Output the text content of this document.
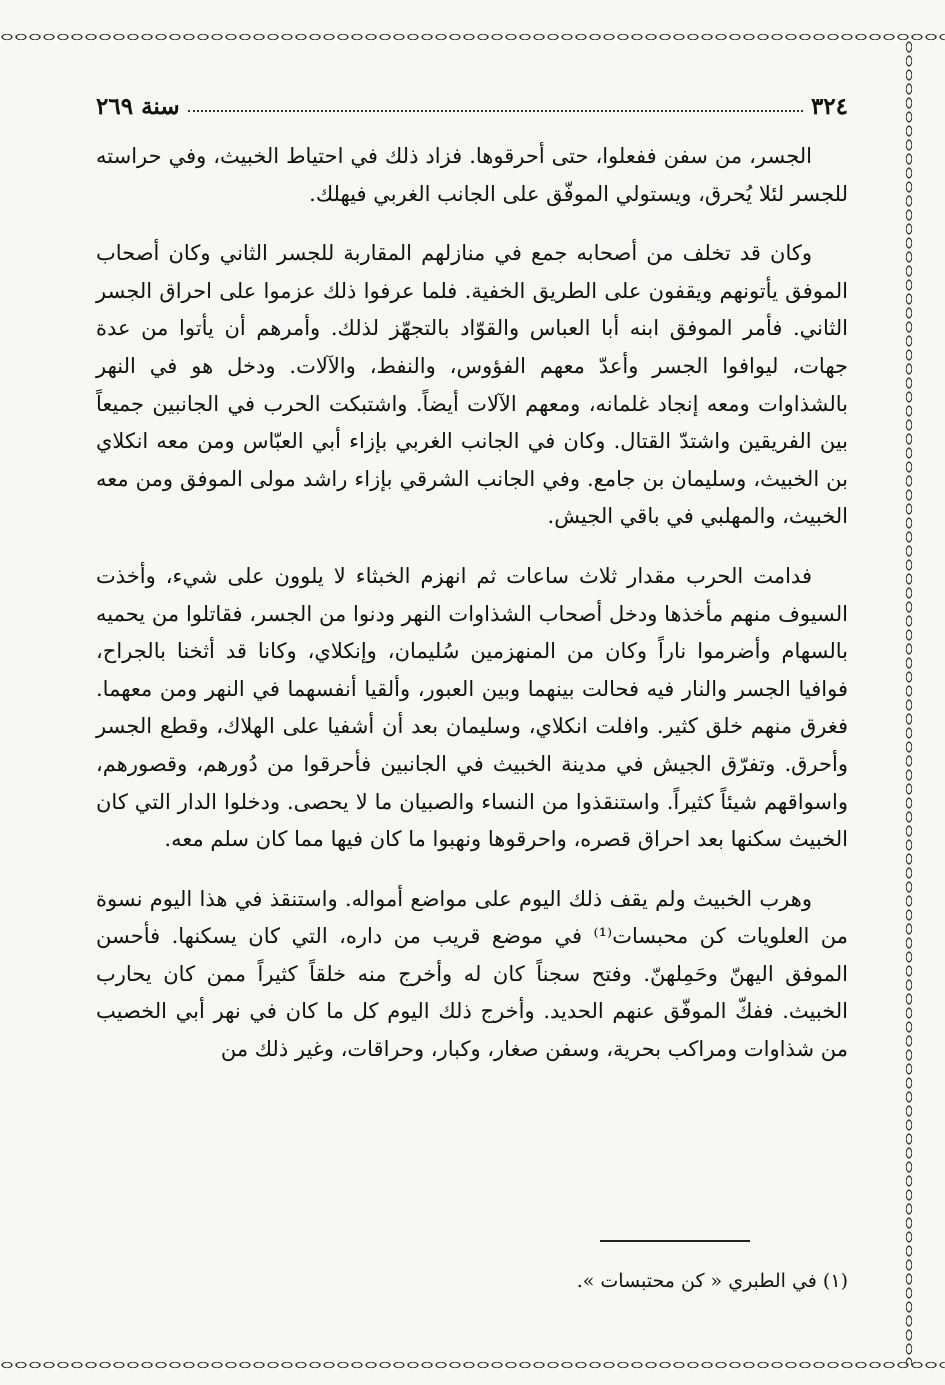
سنة ٢٦٩	٣٢٤

الجسر، من سفن ففعلوا، حتى أحرقوها. فزاد ذلك في احتياط الخبيث، وفي حراسته للجسر لئلا يُحرق، ويستولي الموفّق على الجانب الغربي فيهلك.

وكان قد تخلف من أصحابه جمع في منازلهم المقاربة للجسر الثاني وكان أصحاب الموفق يأتونهم ويقفون على الطريق الخفية. فلما عرفوا ذلك عزموا على احراق الجسر الثاني. فأمر الموفق ابنه أبا العباس والقوّاد بالتجهّز لذلك. وأمرهم أن يأتوا من عدة جهات، ليوافوا الجسر وأعدّ معهم الفؤوس، والنفط، والآلات. ودخل هو في النهر بالشذاوات ومعه إنجاد غلمانه، ومعهم الآلات أيضاً. واشتبكت الحرب في الجانبين جميعاً بين الفريقين واشتدّ القتال. وكان في الجانب الغربي بإزاء أبي العبّاس ومن معه انكلاي بن الخبيث، وسليمان بن جامع. وفي الجانب الشرقي بإزاء راشد مولى الموفق ومن معه الخبيث، والمهلبي في باقي الجيش.

فدامت الحرب مقدار ثلاث ساعات ثم انهزم الخبثاء لا يلوون على شيء، وأخذت السيوف منهم مأخذها ودخل أصحاب الشذاوات النهر ودنوا من الجسر، فقاتلوا من يحميه بالسهام وأضرموا ناراً وكان من المنهزمين سُليمان، وإنكلاي، وكانا قد أثخنا بالجراح، فوافيا الجسر والنار فيه فحالت بينهما وبين العبور، وألقيا أنفسهما في النهر ومن معهما. فغرق منهم خلق كثير. وافلت انكلاي، وسليمان بعد أن أشفيا على الهلاك، وقطع الجسر وأحرق. وتفرّق الجيش في مدينة الخبيث في الجانبين فأحرقوا من دُورهم، وقصورهم، واسواقهم شيئاً كثيراً. واستنقذوا من النساء والصبيان ما لا يحصى. ودخلوا الدار التي كان الخبيث سكنها بعد احراق قصره، واحرقوها ونهبوا ما كان فيها مما كان سلم معه.

وهرب الخبيث ولم يقف ذلك اليوم على مواضع أمواله. واستنقذ في هذا اليوم نسوة من العلويات كن محبسات⁽¹⁾ في موضع قريب من داره، التي كان يسكنها. فأحسن الموفق اليهنّ وحَمِلهنّ. وفتح سجناً كان له وأخرج منه خلقاً كثيراً ممن كان يحارب الخبيث. ففكّ الموفّق عنهم الحديد. وأخرج ذلك اليوم كل ما كان في نهر أبي الخصيب من شذاوات ومراكب بحرية، وسفن صغار، وكبار، وحراقات، وغير ذلك من

(١) في الطبري « كن محتبسات ».
